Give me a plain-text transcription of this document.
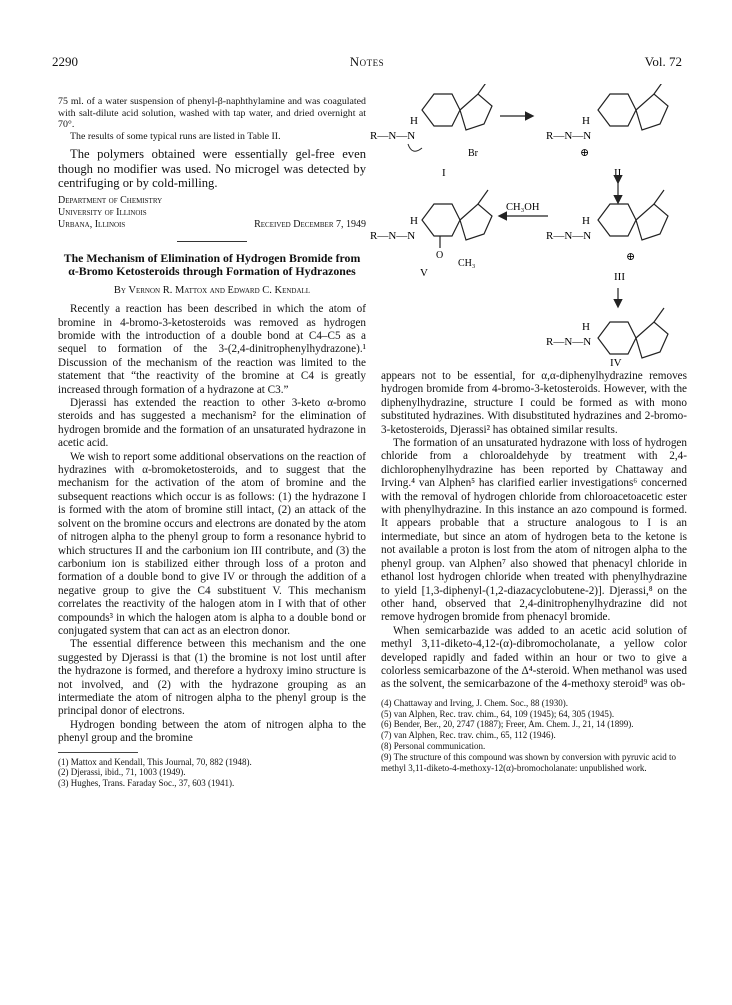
2290	Notes	Vol. 72

75 ml. of a water suspension of phenyl-β-naphthylamine and was coagulated with salt-dilute acid solution, washed with tap water, and dried overnight at 70°.

The results of some typical runs are listed in Table II.

The polymers obtained were essentially gel-free even though no modifier was used. No microgel was detected by centrifuging or by cold-milling.

Department of Chemistry
University of Illinois
Urbana, Illinois	Received December 7, 1949
The Mechanism of Elimination of Hydrogen Bromide from α-Bromo Ketosteroids through Formation of Hydrazones
By Vernon R. Mattox and Edward C. Kendall

Recently a reaction has been described in which the atom of bromine in 4-bromo-3-ketosteroids was removed as hydrogen bromide with the introduction of a double bond at C4–C5 as a sequel to formation of the 3-(2,4-dinitrophenylhydrazone).¹ Discussion of the mechanism of the reaction was limited to the statement that “the reactivity of the bromine at C4 is greatly increased through formation of a hydrazone at C3.”

Djerassi has extended the reaction to other 3-keto α-bromo steroids and has suggested a mechanism² for the elimination of hydrogen bromide and the formation of an unsaturated hydrazone in acetic acid.

We wish to report some additional observations on the reaction of hydrazines with α-bromoketosteroids, and to suggest that the mechanism for the activation of the atom of bromine and the subsequent reactions which occur is as follows: (1) the hydrazone I is formed with the atom of bromine still intact, (2) an attack of the solvent on the bromine occurs and electrons are donated by the atom of nitrogen alpha to the phenyl group to form a resonance hybrid to which structures II and the carbonium ion III contribute, and (3) the carbonium ion is stabilized either through loss of a proton and formation of a double bond to give IV or through the addition of a negative group to give the C4 substituent V. This mechanism correlates the reactivity of the halogen atom in I with that of other compounds³ in which the halogen atom is alpha to a double bond or conjugated system that can act as an electron donor.

The essential difference between this mechanism and the one suggested by Djerassi is that (1) the bromine is not lost until after the hydrazone is formed, and therefore a hydroxy imino structure is not involved, and (2) with the hydrazone grouping as an intermediate the atom of nitrogen alpha to the phenyl group is the principal donor of electrons.

Hydrogen bonding between the atom of nitrogen alpha to the phenyl group and the bromine

(1) Mattox and Kendall, This Journal, 70, 882 (1948).
(2) Djerassi, ibid., 71, 1003 (1949).
(3) Hughes, Trans. Faraday Soc., 37, 603 (1941).
H
R—N—N
Br
I
H
R—N—N
⊕
II
H
R—N—N
O
CH₃
V
CH₃OH
H
R—N—N
⊕
III
H
R—N—N
IV

appears not to be essential, for α,α-diphenylhydrazine removes hydrogen bromide from 4-bromo-3-ketosteroids. However, with the diphenylhydrazine, structure I could be formed as with mono substituted hydrazines. With disubstituted hydrazines and 2-bromo-3-ketosteroids, Djerassi² has obtained similar results.

The formation of an unsaturated hydrazone with loss of hydrogen chloride from a chloroaldehyde by treatment with 2,4-dichlorophenylhydrazine has been reported by Chattaway and Irving.⁴ van Alphen⁵ has clarified earlier investigations⁶ concerned with the removal of hydrogen chloride from chloroacetoacetic ester with phenylhydrazine. In this instance an azo compound is formed. It appears probable that a structure analogous to I is an intermediate, but since an atom of hydrogen beta to the ketone is not available a proton is lost from the atom of nitrogen alpha to the phenyl group. van Alphen⁷ also showed that phenacyl chloride in ethanol lost hydrogen chloride when treated with phenylhydrazine to yield [1,3-diphenyl-(1,2-diazacyclobutene-2)]. Djerassi,⁸ on the other hand, observed that 2,4-dinitrophenylhydrazine did not remove hydrogen bromide from phenacyl bromide.

When semicarbazide was added to an acetic acid solution of methyl 3,11-diketo-4,12-(α)-dibromocholanate, a yellow color developed rapidly and faded within an hour or two to give a colorless semicarbazone of the Δ⁴-steroid. When methanol was used as the solvent, the semicarbazone of the 4-methoxy steroid⁹ was ob-

(4) Chattaway and Irving, J. Chem. Soc., 88 (1930).
(5) van Alphen, Rec. trav. chim., 64, 109 (1945); 64, 305 (1945).
(6) Bender, Ber., 20, 2747 (1887); Freer, Am. Chem. J., 21, 14 (1899).
(7) van Alphen, Rec. trav. chim., 65, 112 (1946).
(8) Personal communication.
(9) The structure of this compound was shown by conversion with pyruvic acid to methyl 3,11-diketo-4-methoxy-12(α)-bromocholanate: unpublished work.
